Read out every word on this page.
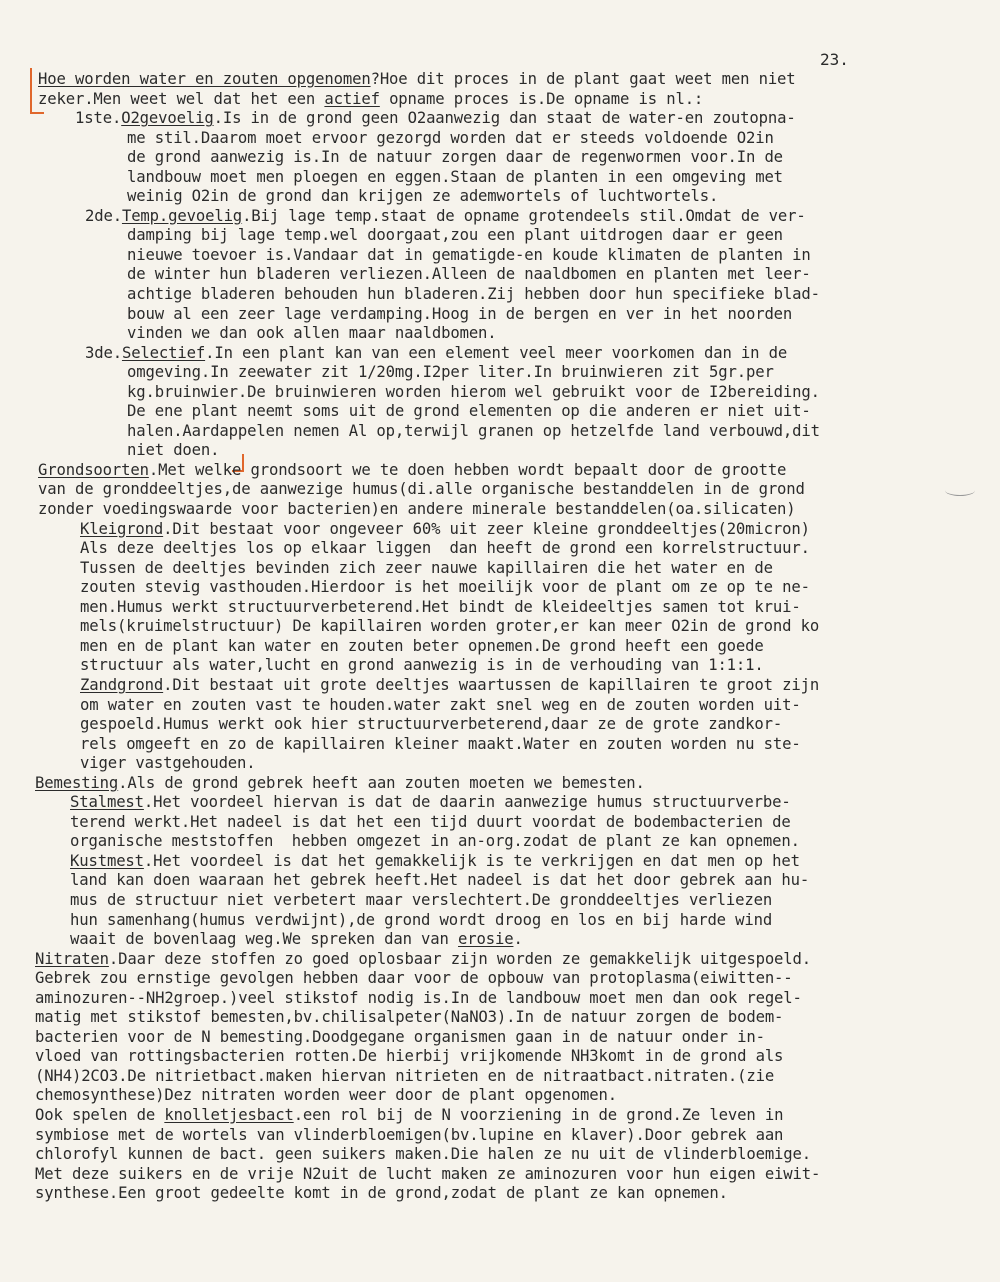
23.
Hoe worden water en zouten opgenomen?Hoe dit proces in de plant gaat weet men niet
zeker.Men weet wel dat het een actief opname proces is.De opname is nl.:
1ste.O2gevoelig.Is in de grond geen O2aanwezig dan staat de water-en zoutopna-
me stil.Daarom moet ervoor gezorgd worden dat er steeds voldoende O2in
de grond aanwezig is.In de natuur zorgen daar de regenwormen voor.In de
landbouw moet men ploegen en eggen.Staan de planten in een omgeving met
weinig O2in de grond dan krijgen ze ademwortels of luchtwortels.
2de.Temp.gevoelig.Bij lage temp.staat de opname grotendeels stil.Omdat de ver-
damping bij lage temp.wel doorgaat,zou een plant uitdrogen daar er geen
nieuwe toevoer is.Vandaar dat in gematigde-en koude klimaten de planten in
de winter hun bladeren verliezen.Alleen de naaldbomen en planten met leer-
achtige bladeren behouden hun bladeren.Zij hebben door hun specifieke blad-
bouw al een zeer lage verdamping.Hoog in de bergen en ver in het noorden
vinden we dan ook allen maar naaldbomen.
3de.Selectief.In een plant kan van een element veel meer voorkomen dan in de
omgeving.In zeewater zit 1/20mg.I2per liter.In bruinwieren zit 5gr.per
kg.bruinwier.De bruinwieren worden hierom wel gebruikt voor de I2bereiding.
De ene plant neemt soms uit de grond elementen op die anderen er niet uit-
halen.Aardappelen nemen Al op,terwijl granen op hetzelfde land verbouwd,dit
niet doen.
Grondsoorten.Met welke grondsoort we te doen hebben wordt bepaalt door de grootte
van de gronddeeltjes,de aanwezige humus(di.alle organische bestanddelen in de grond
zonder voedingswaarde voor bacterien)en andere minerale bestanddelen(oa.silicaten)
Kleigrond.Dit bestaat voor ongeveer 60% uit zeer kleine gronddeeltjes(20micron)
Als deze deeltjes los op elkaar liggen  dan heeft de grond een korrelstructuur.
Tussen de deeltjes bevinden zich zeer nauwe kapillairen die het water en de
zouten stevig vasthouden.Hierdoor is het moeilijk voor de plant om ze op te ne-
men.Humus werkt structuurverbeterend.Het bindt de kleideeltjes samen tot krui-
mels(kruimelstructuur) De kapillairen worden groter,er kan meer O2in de grond ko
men en de plant kan water en zouten beter opnemen.De grond heeft een goede
structuur als water,lucht en grond aanwezig is in de verhouding van 1:1:1.
Zandgrond.Dit bestaat uit grote deeltjes waartussen de kapillairen te groot zijn
om water en zouten vast te houden.water zakt snel weg en de zouten worden uit-
gespoeld.Humus werkt ook hier structuurverbeterend,daar ze de grote zandkor-
rels omgeeft en zo de kapillairen kleiner maakt.Water en zouten worden nu ste-
viger vastgehouden.
Bemesting.Als de grond gebrek heeft aan zouten moeten we bemesten.
Stalmest.Het voordeel hiervan is dat de daarin aanwezige humus structuurverbe-
terend werkt.Het nadeel is dat het een tijd duurt voordat de bodembacterien de
organische meststoffen  hebben omgezet in an-org.zodat de plant ze kan opnemen.
Kustmest.Het voordeel is dat het gemakkelijk is te verkrijgen en dat men op het
land kan doen waaraan het gebrek heeft.Het nadeel is dat het door gebrek aan hu-
mus de structuur niet verbetert maar verslechtert.De gronddeeltjes verliezen
hun samenhang(humus verdwijnt),de grond wordt droog en los en bij harde wind
waait de bovenlaag weg.We spreken dan van erosie.
Nitraten.Daar deze stoffen zo goed oplosbaar zijn worden ze gemakkelijk uitgespoeld.
Gebrek zou ernstige gevolgen hebben daar voor de opbouw van protoplasma(eiwitten--
aminozuren--NH2groep.)veel stikstof nodig is.In de landbouw moet men dan ook regel-
matig met stikstof bemesten,bv.chilisalpeter(NaNO3).In de natuur zorgen de bodem-
bacterien voor de N bemesting.Doodgegane organismen gaan in de natuur onder in-
vloed van rottingsbacterien rotten.De hierbij vrijkomende NH3komt in de grond als
(NH4)2CO3.De nitrietbact.maken hiervan nitrieten en de nitraatbact.nitraten.(zie
chemosynthese)Dez nitraten worden weer door de plant opgenomen.
Ook spelen de knolletjesbact.een rol bij de N voorziening in de grond.Ze leven in
symbiose met de wortels van vlinderbloemigen(bv.lupine en klaver).Door gebrek aan
chlorofyl kunnen de bact. geen suikers maken.Die halen ze nu uit de vlinderbloemige.
Met deze suikers en de vrije N2uit de lucht maken ze aminozuren voor hun eigen eiwit-
synthese.Een groot gedeelte komt in de grond,zodat de plant ze kan opnemen.
